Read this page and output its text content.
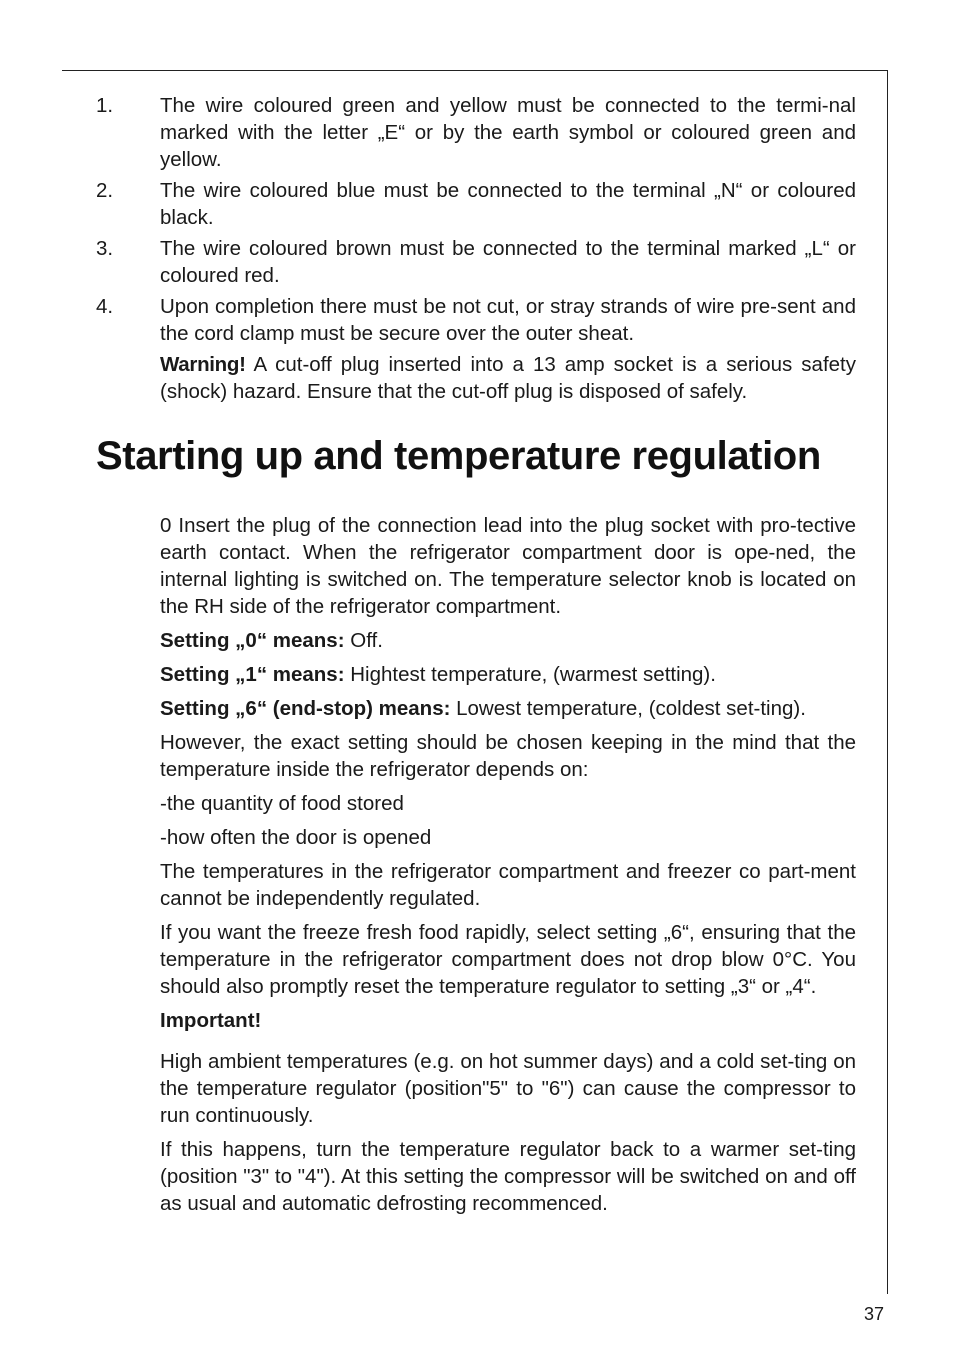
1.	The wire coloured green and yellow must be connected to the termi-nal marked with the letter „E“ or by the earth symbol or coloured green and yellow.
2.	The wire coloured blue must be connected to the terminal „N“ or coloured black.
3.	The wire coloured brown must be connected to the terminal marked „L“ or coloured red.
4.	Upon completion there must be not cut, or stray strands of wire pre-sent and the cord clamp must be secure over the outer sheat.
Warning! A cut-off plug inserted into a 13 amp socket is a serious safety (shock) hazard. Ensure that the cut-off plug is disposed of safely.
Starting up and temperature regulation

0 Insert the plug of the connection lead into the plug socket with pro-tective earth contact. When the refrigerator compartment door is ope-ned, the internal lighting is switched on. The temperature selector knob is located on the RH side of the refrigerator compartment.

Setting „0“ means: Off.

Setting „1“ means: Hightest temperature, (warmest setting).

Setting „6“ (end-stop) means: Lowest temperature, (coldest set-ting).

However, the exact setting should be chosen keeping in the mind that the temperature inside the refrigerator depends on:

-the quantity of food stored

-how often the door is opened

The temperatures in the refrigerator compartment and freezer co part-ment cannot be independently regulated.

If you want the freeze fresh food rapidly, select setting „6“, ensuring that the temperature in the refrigerator compartment does not drop blow 0°C. You should also promptly reset the temperature regulator to setting „3“ or „4“.

Important!

High ambient temperatures (e.g. on hot summer days) and a cold set-ting on the temperature regulator (position"5" to "6") can cause the compressor to run continuously.

If this happens, turn the temperature regulator back to a warmer set-ting (position "3" to "4"). At this setting the compressor will be switched on and off as usual and automatic defrosting recommenced.

37
